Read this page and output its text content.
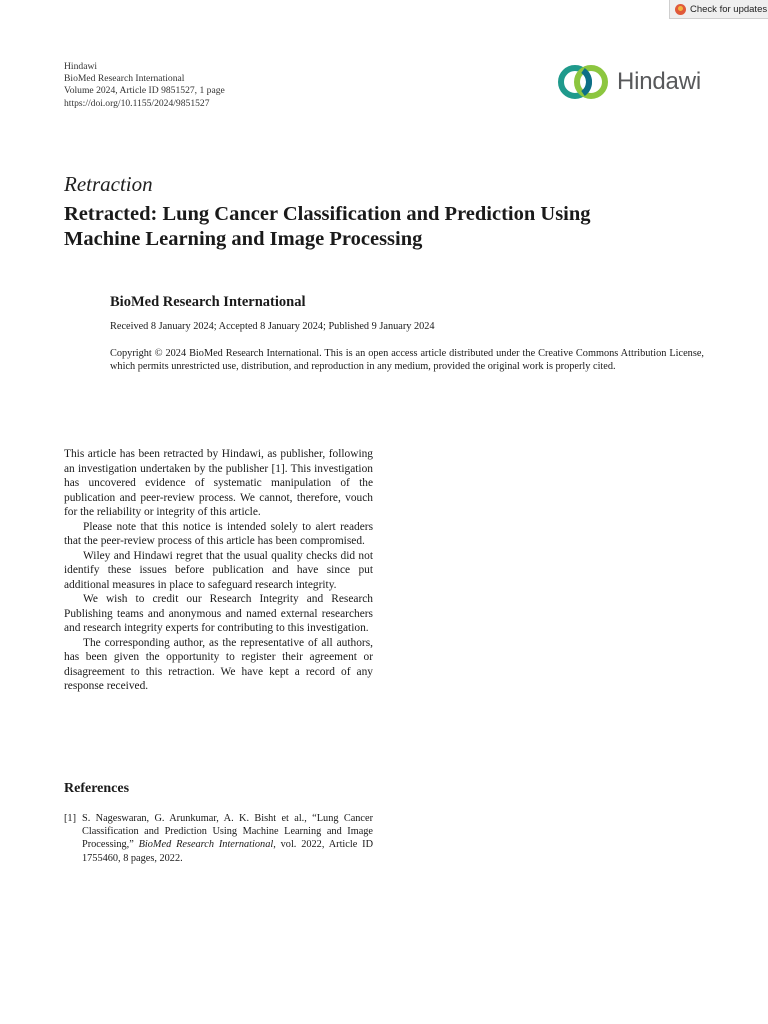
Check for updates
Hindawi
BioMed Research International
Volume 2024, Article ID 9851527, 1 page
https://doi.org/10.1155/2024/9851527
Hindawi
Retraction
Retracted: Lung Cancer Classification and Prediction Using
Machine Learning and Image Processing
BioMed Research International
Received 8 January 2024; Accepted 8 January 2024; Published 9 January 2024

Copyright © 2024 BioMed Research International. This is an open access article distributed under the Creative Commons Attribution License, which permits unrestricted use, distribution, and reproduction in any medium, provided the original work is properly cited.

This article has been retracted by Hindawi, as publisher, following an investigation undertaken by the publisher [1]. This investigation has uncovered evidence of systematic manipulation of the publication and peer-review process. We cannot, therefore, vouch for the reliability or integrity of this article.

Please note that this notice is intended solely to alert readers that the peer-review process of this article has been compromised.

Wiley and Hindawi regret that the usual quality checks did not identify these issues before publication and have since put additional measures in place to safeguard research integrity.

We wish to credit our Research Integrity and Research Publishing teams and anonymous and named external researchers and research integrity experts for contributing to this investigation.

The corresponding author, as the representative of all authors, has been given the opportunity to register their agreement or disagreement to this retraction. We have kept a record of any response received.

References
[1] S. Nageswaran, G. Arunkumar, A. K. Bisht et al., “Lung Cancer Classification and Prediction Using Machine Learning and Image Processing,” BioMed Research International, vol. 2022, Article ID 1755460, 8 pages, 2022.
